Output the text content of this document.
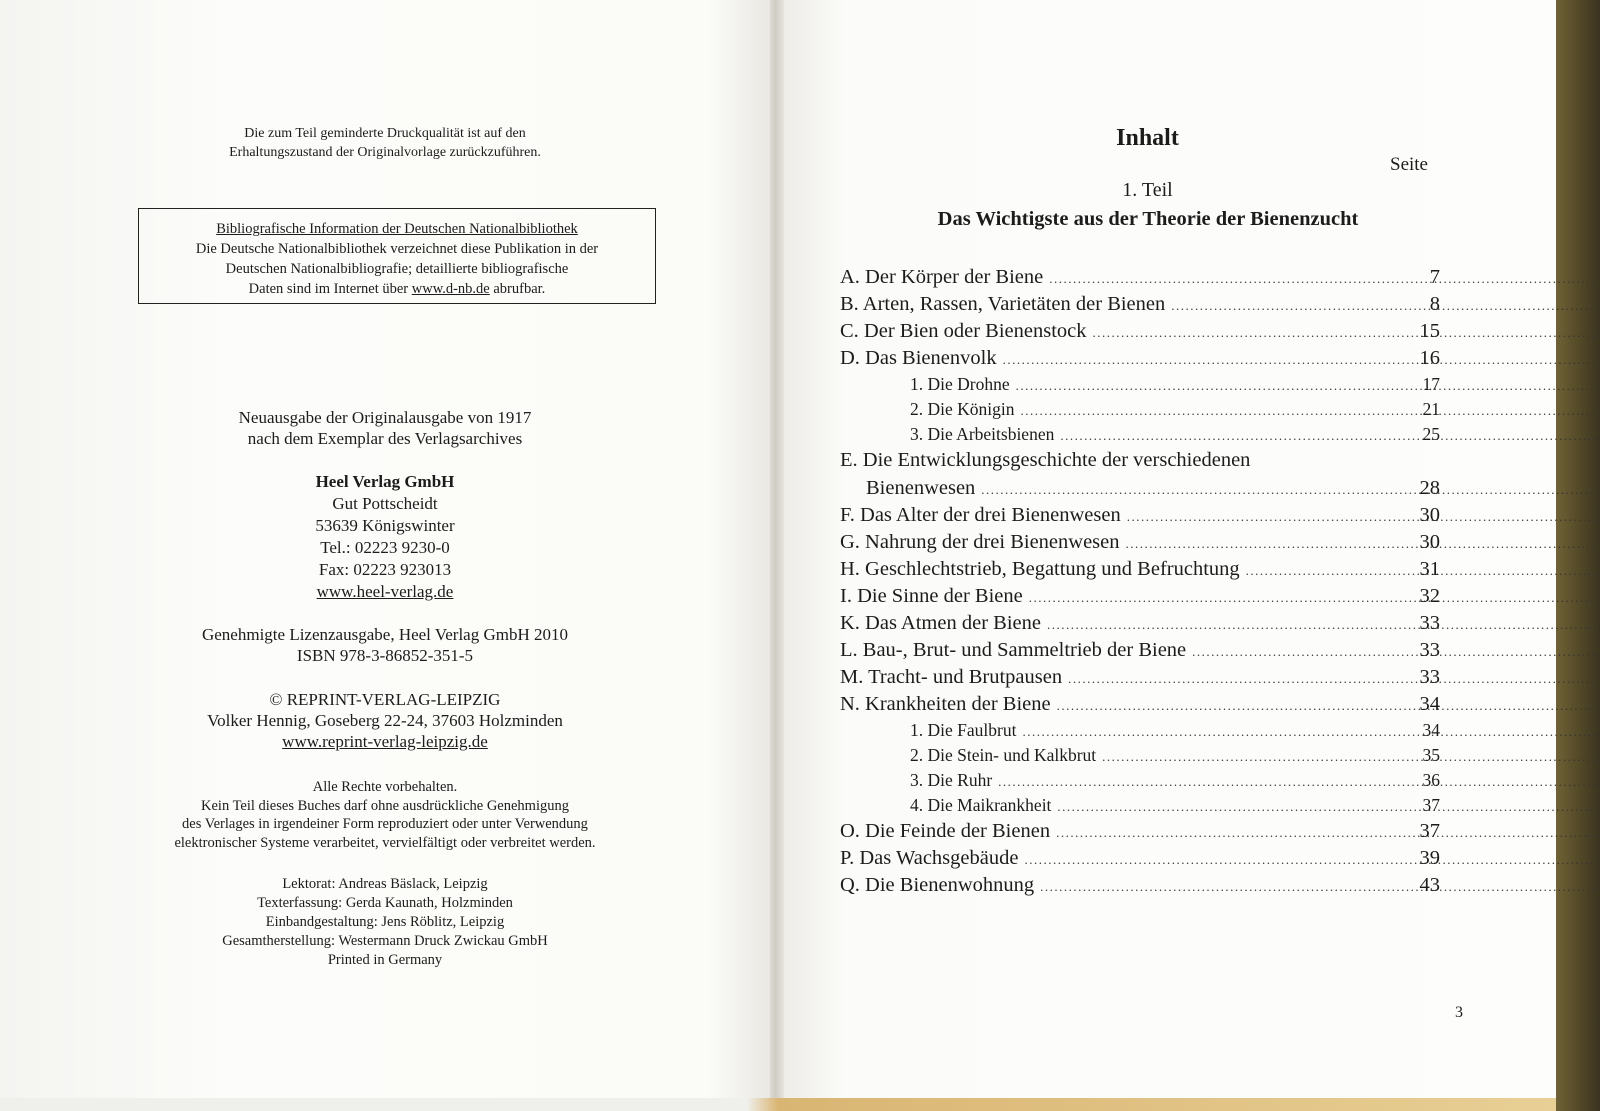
Die zum Teil geminderte Druckqualität ist auf den
Erhaltungszustand der Originalvorlage zurückzuführen.
Bibliografische Information der Deutschen Nationalbibliothek
Die Deutsche Nationalbibliothek verzeichnet diese Publikation in der
Deutschen Nationalbibliografie; detaillierte bibliografische
Daten sind im Internet über www.d-nb.de abrufbar.
Neuausgabe der Originalausgabe von 1917
nach dem Exemplar des Verlagsarchives
Heel Verlag GmbH
Gut Pottscheidt
53639 Königswinter
Tel.: 02223 9230-0
Fax: 02223 923013
www.heel-verlag.de
Genehmigte Lizenzausgabe, Heel Verlag GmbH 2010
ISBN 978-3-86852-351-5
© REPRINT-VERLAG-LEIPZIG
Volker Hennig, Goseberg 22-24, 37603 Holzminden
www.reprint-verlag-leipzig.de
Alle Rechte vorbehalten.
Kein Teil dieses Buches darf ohne ausdrückliche Genehmigung
des Verlages in irgendeiner Form reproduziert oder unter Verwendung
elektronischer Systeme verarbeitet, vervielfältigt oder verbreitet werden.
Lektorat: Andreas Bäslack, Leipzig
Texterfassung: Gerda Kaunath, Holzminden
Einbandgestaltung: Jens Röblitz, Leipzig
Gesamtherstellung: Westermann Druck Zwickau GmbH
Printed in Germany
Inhalt
Seite
1. Teil
Das Wichtigste aus der Theorie der Bienenzucht
A. Der Körper der Biene .....	7
B. Arten, Rassen, Varietäten der Bienen .....	8
C. Der Bien oder Bienenstock .....	15
D. Das Bienenvolk .....	16
1. Die Drohne .....	17
2. Die Königin .....	21
3. Die Arbeitsbienen .....	25
E. Die Entwicklungsgeschichte der verschiedenen
Bienenwesen .....	28
F. Das Alter der drei Bienenwesen .....	30
G. Nahrung der drei Bienenwesen .....	30
H. Geschlechtstrieb, Begattung und Befruchtung .....	31
I. Die Sinne der Biene .....	32
K. Das Atmen der Biene .....	33
L. Bau-, Brut- und Sammeltrieb der Biene .....	33
M. Tracht- und Brutpausen .....	33
N. Krankheiten der Biene .....	34
1. Die Faulbrut .....	34
2. Die Stein- und Kalkbrut .....	35
3. Die Ruhr .....	36
4. Die Maikrankheit .....	37
O. Die Feinde der Bienen .....	37
P. Das Wachsgebäude .....	39
Q. Die Bienenwohnung .....	43
3
